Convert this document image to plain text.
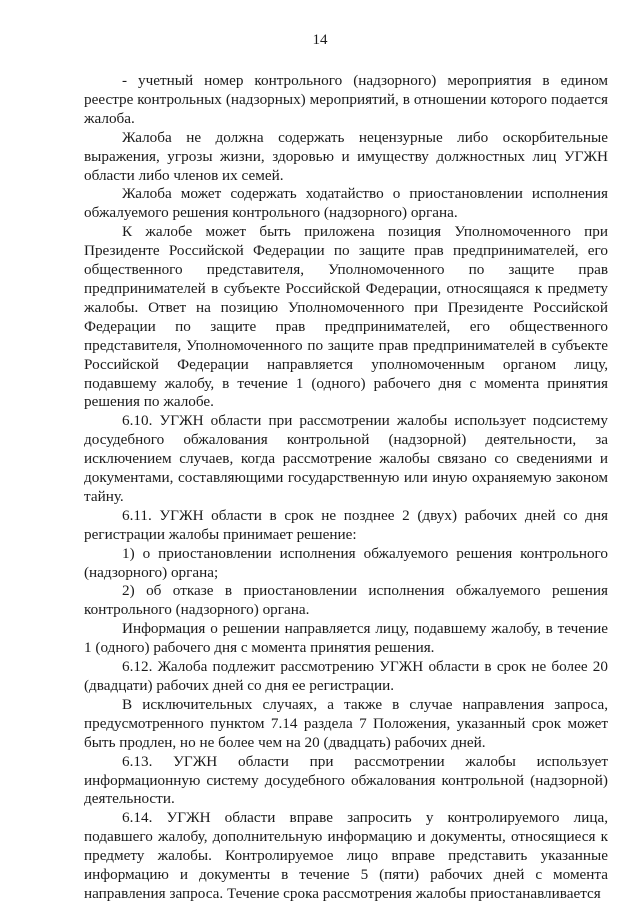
14

- учетный номер контрольного (надзорного) мероприятия в едином реестре контрольных (надзорных) мероприятий, в отношении которого подается жалоба.

Жалоба не должна содержать нецензурные либо оскорбительные выражения, угрозы жизни, здоровью и имуществу должностных лиц УГЖН области либо членов их семей.

Жалоба может содержать ходатайство о приостановлении исполнения обжалуемого решения контрольного (надзорного) органа.

К жалобе может быть приложена позиция Уполномоченного при Президенте Российской Федерации по защите прав предпринимателей, его общественного представителя, Уполномоченного по защите прав предпринимателей в субъекте Российской Федерации, относящаяся к предмету жалобы. Ответ на позицию Уполномоченного при Президенте Российской Федерации по защите прав предпринимателей, его общественного представителя, Уполномоченного по защите прав предпринимателей в субъекте Российской Федерации направляется уполномоченным органом лицу, подавшему жалобу, в течение 1 (одного) рабочего дня с момента принятия решения по жалобе.

6.10. УГЖН области при рассмотрении жалобы использует подсистему досудебного обжалования контрольной (надзорной) деятельности, за исключением случаев, когда рассмотрение жалобы связано со сведениями и документами, составляющими государственную или иную охраняемую законом тайну.

6.11. УГЖН области в срок не позднее 2 (двух) рабочих дней со дня регистрации жалобы принимает решение:

1) о приостановлении исполнения обжалуемого решения контрольного (надзорного) органа;

2) об отказе в приостановлении исполнения обжалуемого решения контрольного (надзорного) органа.

Информация о решении направляется лицу, подавшему жалобу, в течение 1 (одного) рабочего дня с момента принятия решения.

6.12. Жалоба подлежит рассмотрению УГЖН области в срок не более 20 (двадцати) рабочих дней со дня ее регистрации.

В исключительных случаях, а также в случае направления запроса, предусмотренного пунктом 7.14 раздела 7 Положения, указанный срок может быть продлен, но не более чем на 20 (двадцать) рабочих дней.

6.13. УГЖН области при рассмотрении жалобы использует информационную систему досудебного обжалования контрольной (надзорной) деятельности.

6.14. УГЖН области вправе запросить у контролируемого лица, подавшего жалобу, дополнительную информацию и документы, относящиеся к предмету жалобы. Контролируемое лицо вправе представить указанные информацию и документы в течение 5 (пяти) рабочих дней с момента направления запроса. Течение срока рассмотрения жалобы приостанавливается
